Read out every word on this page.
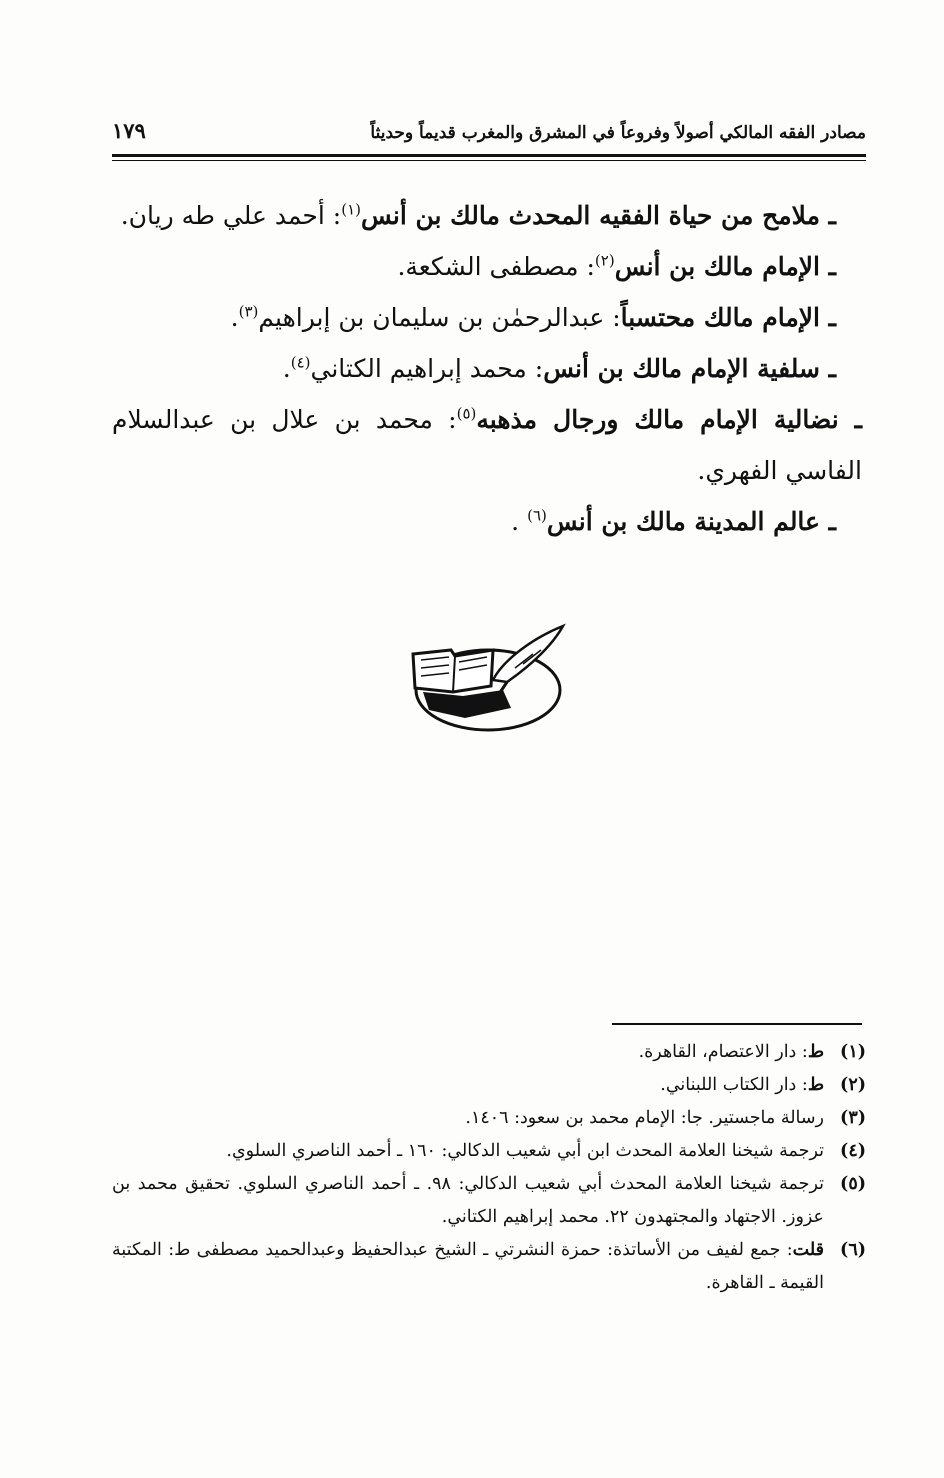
مصادر الفقه المالكي أصولاً وفروعاً في المشرق والمغرب قديماً وحديثاً
١٧٩

ـ ملامح من حياة الفقيه المحدث مالك بن أنس$^{(١)}$: أحمد علي طه ريان.

ـ الإمام مالك بن أنس$^{(٢)}$: مصطفى الشكعة.

ـ الإمام مالك محتسباً: عبدالرحمٰن بن سليمان بن إبراهيم$^{(٣)}$.

ـ سلفية الإمام مالك بن أنس: محمد إبراهيم الكتاني$^{(٤)}$.

ـ نضالية الإمام مالك ورجال مذهبه$^{(٥)}$: محمد بن علال بن عبدالسلام الفاسي الفهري.

ـ عالم المدينة مالك بن أنس$^{(٦)}$ .

(١)
ط: دار الاعتصام، القاهرة.
(٢)
ط: دار الكتاب اللبناني.
(٣)
رسالة ماجستير. جا: الإمام محمد بن سعود: ١٤٠٦.
(٤)
ترجمة شيخنا العلامة المحدث ابن أبي شعيب الدكالي: ١٦٠ ـ أحمد الناصري السلوي.
(٥)
ترجمة شيخنا العلامة المحدث أبي شعيب الدكالي: ٩٨. ـ أحمد الناصري السلوي. تحقيق محمد بن عزوز. الاجتهاد والمجتهدون ٢٢. محمد إبراهيم الكتاني.
(٦)
قلت: جمع لفيف من الأساتذة: حمزة النشرتي ـ الشيخ عبدالحفيظ وعبدالحميد مصطفى ط: المكتبة القيمة ـ القاهرة.
